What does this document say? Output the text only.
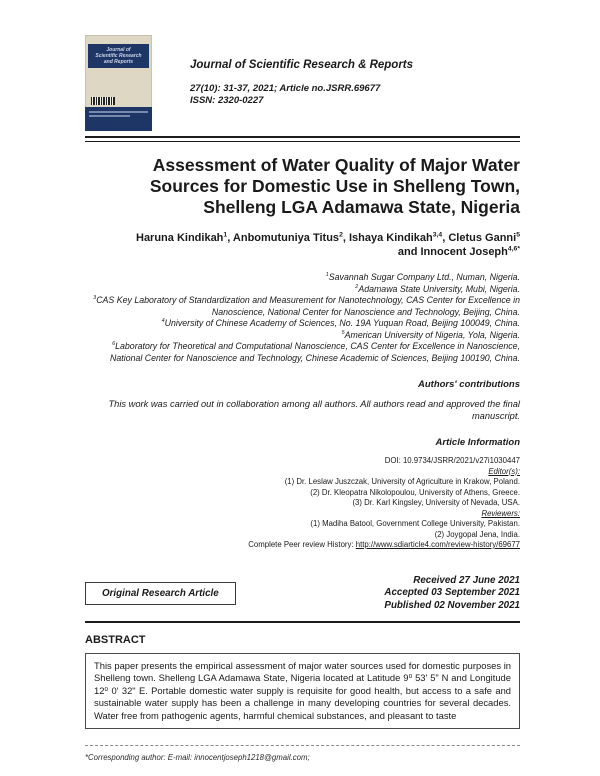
Journal of
Scientific Research
and Reports	Journal of Scientific Research & Reports
27(10): 31-37, 2021; Article no.JSRR.69677
ISSN: 2320-0227
Assessment of Water Quality of Major Water Sources for Domestic Use in Shelleng Town, Shelleng LGA Adamawa State, Nigeria
Haruna Kindikah$^1$, Anbomutuniya Titus$^2$, Ishaya Kindikah$^{3,4}$, Cletus Ganni$^5$
and Innocent Joseph$^{4,6*}$
$^1$Savannah Sugar Company Ltd., Numan, Nigeria.
$^2$Adamawa State University, Mubi, Nigeria.
$^3$CAS Key Laboratory of Standardization and Measurement for Nanotechnology, CAS Center for Excellence in Nanoscience, National Center for Nanoscience and Technology, Beijing, China.
$^4$University of Chinese Academy of Sciences, No. 19A Yuquan Road, Beijing 100049, China.
$^5$American University of Nigeria, Yola, Nigeria.
$^6$Laboratory for Theoretical and Computational Nanoscience, CAS Center for Excellence in Nanoscience, National Center for Nanoscience and Technology, Chinese Academic of Sciences, Beijing 100190, China.
Authors' contributions
This work was carried out in collaboration among all authors. All authors read and approved the final manuscript.
Article Information
DOI: 10.9734/JSRR/2021/v27i1030447
Editor(s):
(1) Dr. Leslaw Juszczak, University of Agriculture in Krakow, Poland.
(2) Dr. Kleopatra Nikolopoulou, University of Athens, Greece.
(3) Dr. Karl Kingsley, University of Nevada, USA.
Reviewers:
(1) Madiha Batool, Government College University, Pakistan.
(2) Joygopal Jena, India.
Complete Peer review History: http://www.sdiarticle4.com/review-history/69677
Original Research Article
Received 27 June 2021
Accepted 03 September 2021
Published 02 November 2021
ABSTRACT
This paper presents the empirical assessment of major water sources used for domestic purposes in Shelleng town. Shelleng LGA Adamawa State, Nigeria located at Latitude 9⁰ 53' 5" N and Longitude 12⁰ 0' 32" E. Portable domestic water supply is requisite for good health, but access to a safe and sustainable water supply has been a challenge in many developing countries for several decades. Water free from pathogenic agents, harmful chemical substances, and pleasant to taste
*Corresponding author: E-mail: innocentjoseph1218@gmail.com;
